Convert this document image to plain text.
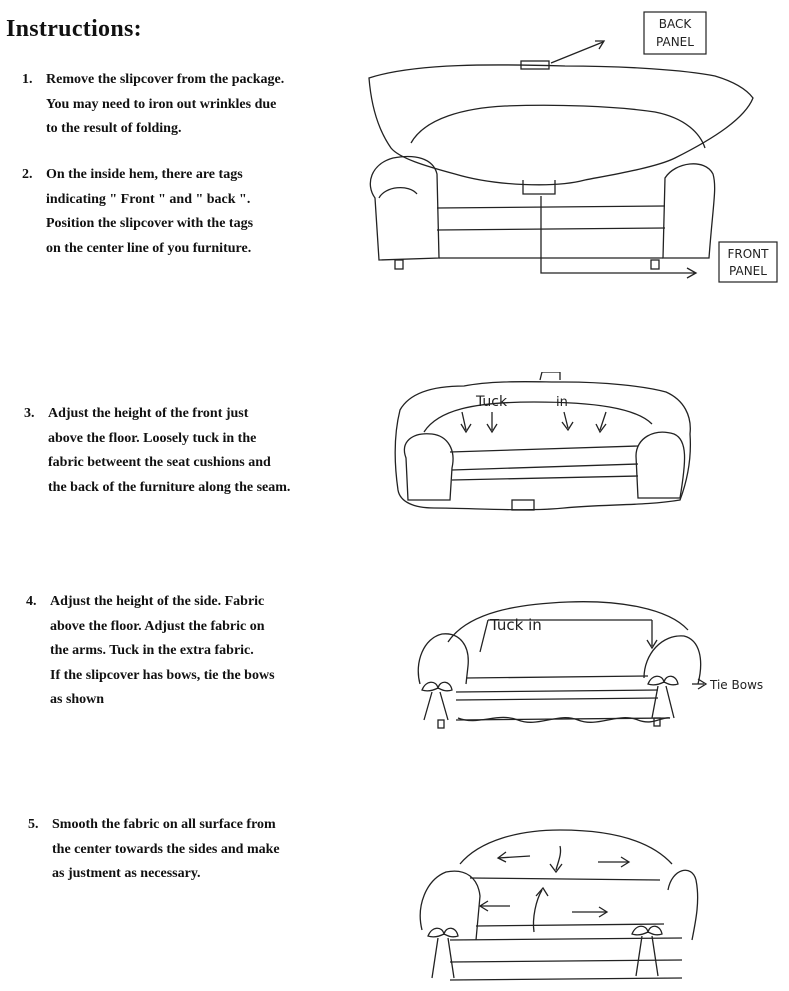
Instructions:
1. Remove the slipcover from the package.
You may need to iron out wrinkles due
to the result of folding.
2. On the inside hem, there are tags
indicating " Front " and " back ".
Position the slipcover with the tags
on the center line of you furniture.
3. Adjust the height of the front just
above the floor. Loosely tuck in the
fabric betweent the seat cushions and
the back of the furniture along the seam.
4. Adjust the height of the side. Fabric
above the floor. Adjust the fabric on
the arms. Tuck in the extra fabric.
If the slipcover has bows, tie the bows
as shown
5. Smooth the fabric on all surface from
the center towards the sides and make
as justment as necessary.
BACK
PANEL
FRONT
PANEL
Tuck	in
Tuck in
Tie Bows
